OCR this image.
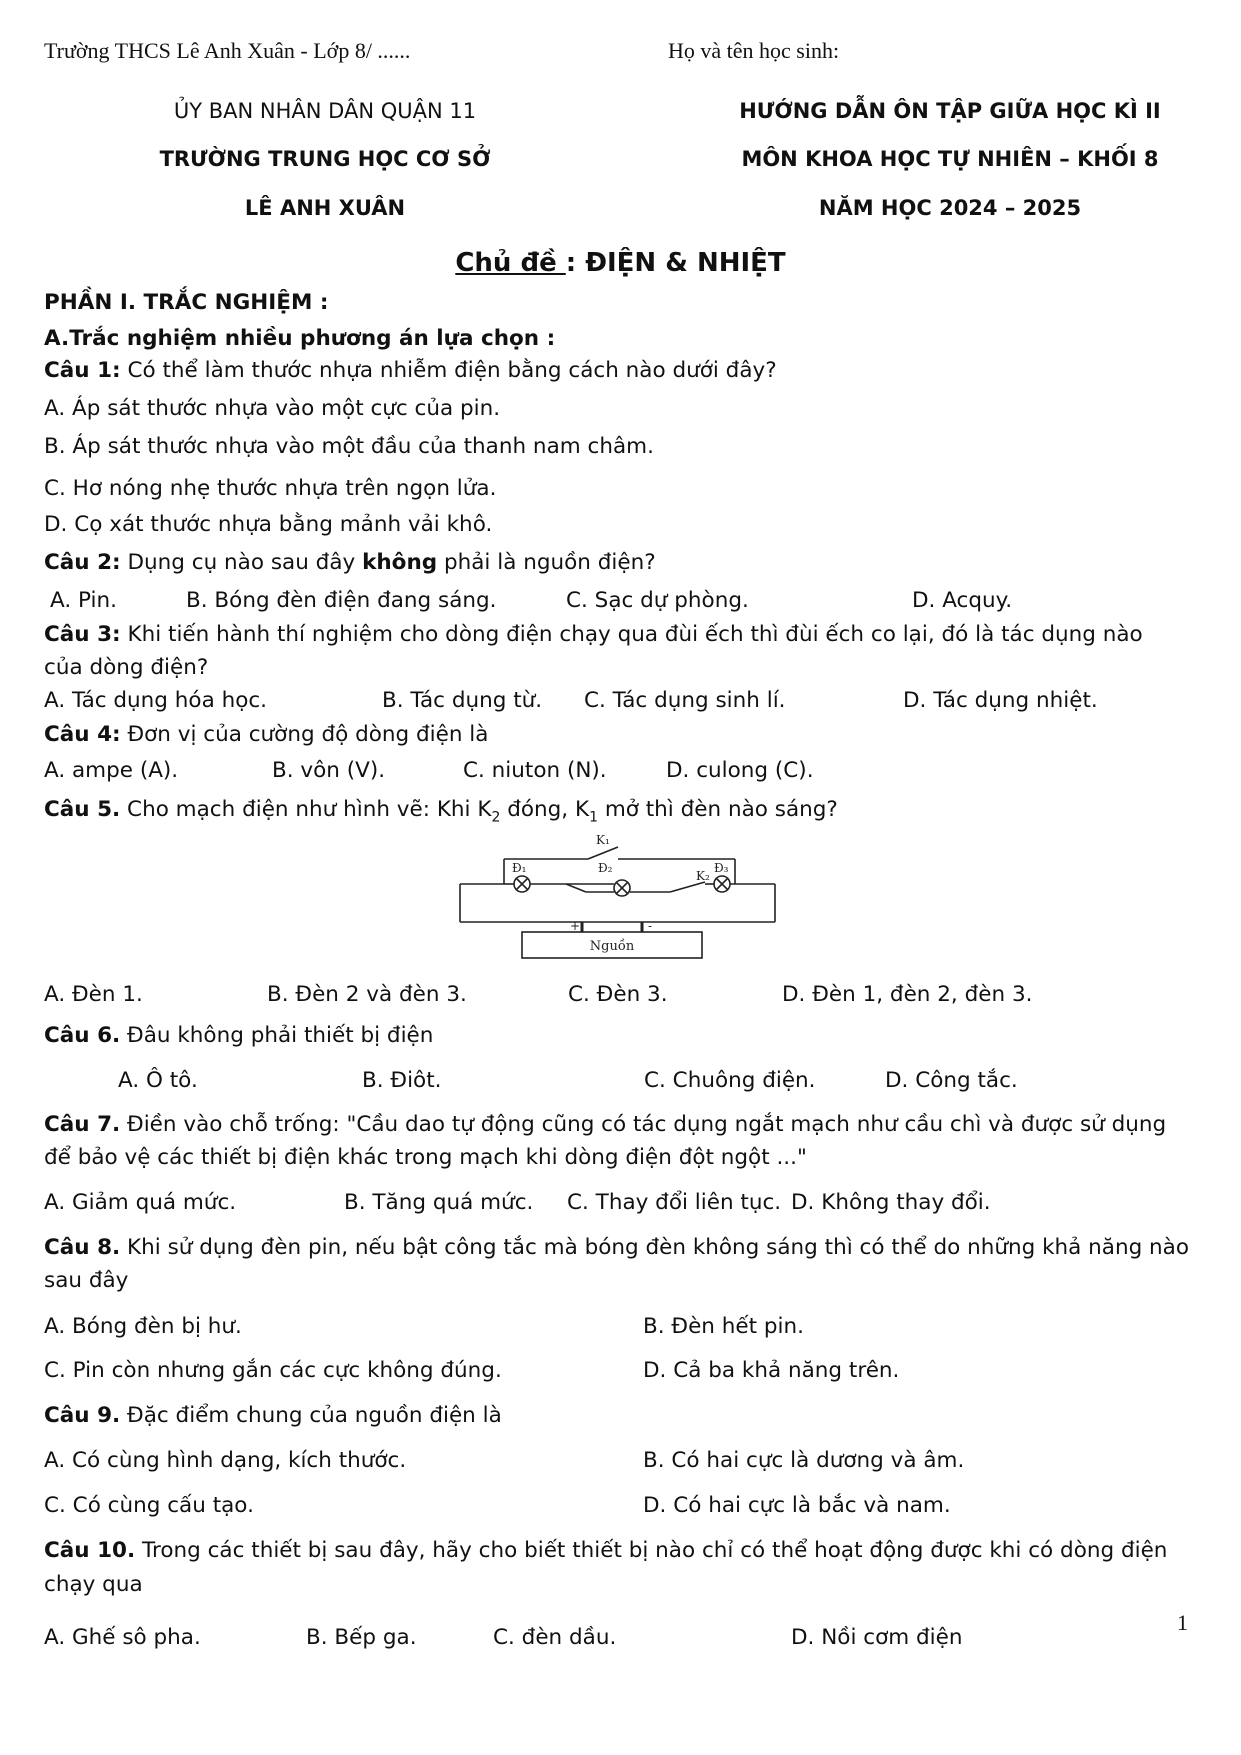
Trường THCS Lê Anh Xuân - Lớp 8/ ......	Họ và tên học sinh:
ỦY BAN NHÂN DÂN QUẬN 11
TRƯỜNG TRUNG HỌC CƠ SỞ
LÊ ANH XUÂN
HƯỚNG DẪN ÔN TẬP GIỮA HỌC KÌ II
MÔN KHOA HỌC TỰ NHIÊN – KHỐI 8
NĂM HỌC 2024 – 2025
Chủ đề : ĐIỆN & NHIỆT
PHẦN I. TRẮC NGHIỆM :
A.Trắc nghiệm nhiều phương án lựa chọn :
Câu 1: Có thể làm thước nhựa nhiễm điện bằng cách nào dưới đây?
A. Áp sát thước nhựa vào một cực của pin.
B. Áp sát thước nhựa vào một đầu của thanh nam châm.
C. Hơ nóng nhẹ thước nhựa trên ngọn lửa.
D. Cọ xát thước nhựa bằng mảnh vải khô.
Câu 2: Dụng cụ nào sau đây không phải là nguồn điện?
A. Pin.	B. Bóng đèn điện đang sáng.	C. Sạc dự phòng.	D. Acquy.
Câu 3: Khi tiến hành thí nghiệm cho dòng điện chạy qua đùi ếch thì đùi ếch co lại, đó là tác dụng nào
của dòng điện?
A. Tác dụng hóa học.	B. Tác dụng từ. C. Tác dụng sinh lí.	D. Tác dụng nhiệt.
Câu 4: Đơn vị của cường độ dòng điện là
A. ampe (A).	B. vôn (V).	C. niuton (N).	D. culong (C).
Câu 5. Cho mạch điện như hình vẽ: Khi $K_2$ đóng, $K_1$ mở thì đèn nào sáng?
K₁
K₂
Đ₁	Đ₂	Đ₃
+	-
Nguồn
A. Đèn 1.	B. Đèn 2 và đèn 3.	C. Đèn 3.	D. Đèn 1, đèn 2, đèn 3.
Câu 6. Đâu không phải thiết bị điện
A. Ô tô.	B. Điôt.	C. Chuông điện.	D. Công tắc.
Câu 7. Điền vào chỗ trống: "Cầu dao tự động cũng có tác dụng ngắt mạch như cầu chì và được sử dụng
để bảo vệ các thiết bị điện khác trong mạch khi dòng điện đột ngột ..."
A. Giảm quá mức.	B. Tăng quá mức. C. Thay đổi liên tục. D. Không thay đổi.
Câu 8. Khi sử dụng đèn pin, nếu bật công tắc mà bóng đèn không sáng thì có thể do những khả năng nào
sau đây
A. Bóng đèn bị hư.	B. Đèn hết pin.
C. Pin còn nhưng gắn các cực không đúng.	D. Cả ba khả năng trên.
Câu 9. Đặc điểm chung của nguồn điện là
A. Có cùng hình dạng, kích thước.	B. Có hai cực là dương và âm.
C. Có cùng cấu tạo.	D. Có hai cực là bắc và nam.
Câu 10. Trong các thiết bị sau đây, hãy cho biết thiết bị nào chỉ có thể hoạt động được khi có dòng điện
chạy qua
A. Ghế sô pha.	B. Bếp ga.	C. đèn dầu.	D. Nồi cơm điện
1
